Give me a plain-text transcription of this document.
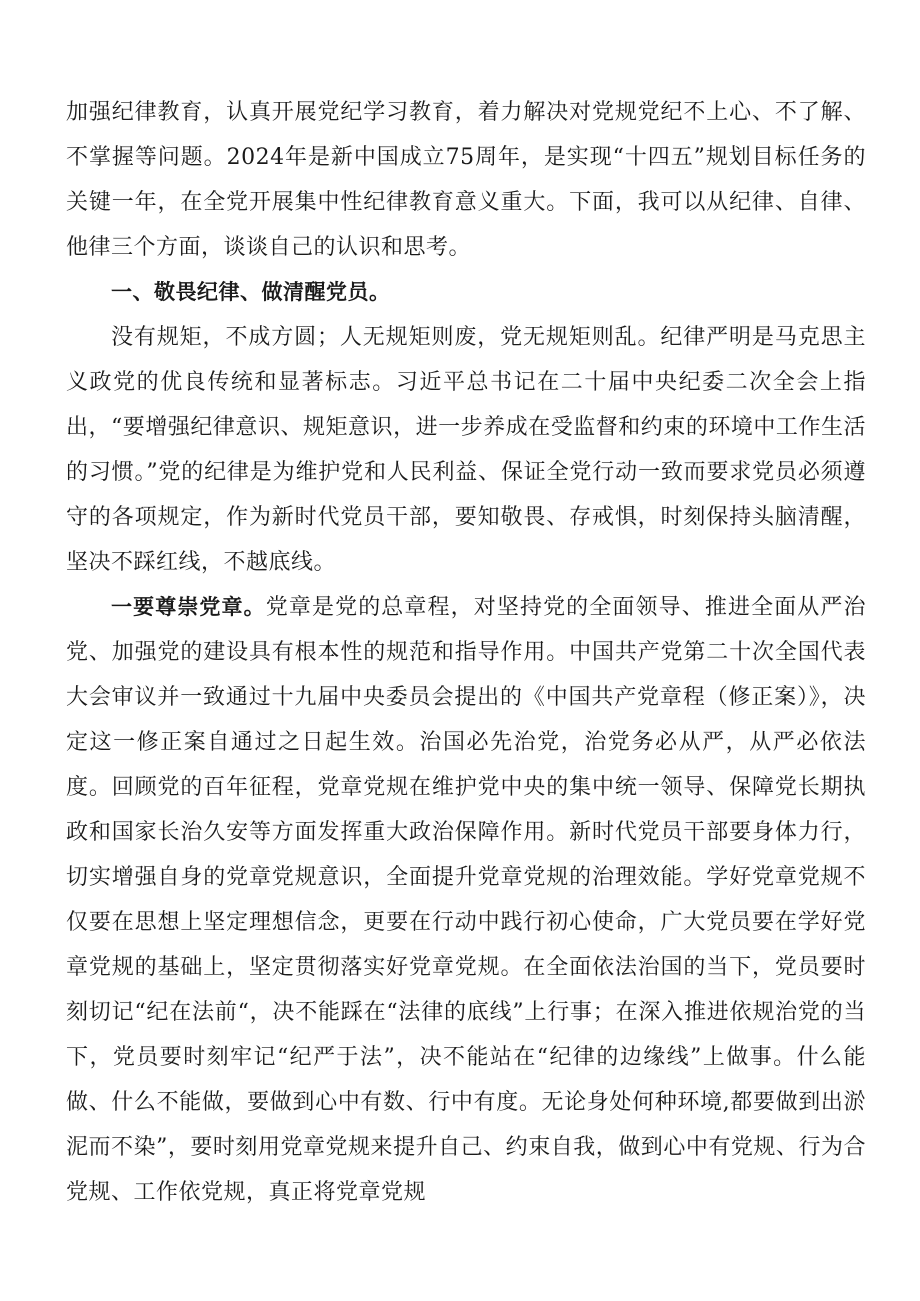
加强纪律教育，认真开展党纪学习教育，着力解决对党规党纪不上心、不了解、不掌握等问题。2024年是新中国成立75周年，是实现“十四五”规划目标任务的关键一年，在全党开展集中性纪律教育意义重大。下面，我可以从纪律、自律、他律三个方面，谈谈自己的认识和思考。

一、敬畏纪律、做清醒党员。

没有规矩，不成方圆；人无规矩则废，党无规矩则乱。纪律严明是马克思主义政党的优良传统和显著标志。习近平总书记在二十届中央纪委二次全会上指出，“要增强纪律意识、规矩意识，进一步养成在受监督和约束的环境中工作生活的习惯。”党的纪律是为维护党和人民利益、保证全党行动一致而要求党员必须遵守的各项规定，作为新时代党员干部，要知敬畏、存戒惧，时刻保持头脑清醒，坚决不踩红线，不越底线。

一要尊崇党章。党章是党的总章程，对坚持党的全面领导、推进全面从严治党、加强党的建设具有根本性的规范和指导作用。中国共产党第二十次全国代表大会审议并一致通过十九届中央委员会提出的《中国共产党章程（修正案）》，决定这一修正案自通过之日起生效。治国必先治党，治党务必从严，从严必依法度。回顾党的百年征程，党章党规在维护党中央的集中统一领导、保障党长期执政和国家长治久安等方面发挥重大政治保障作用。新时代党员干部要身体力行，切实增强自身的党章党规意识，全面提升党章党规的治理效能。学好党章党规不仅要在思想上坚定理想信念，更要在行动中践行初心使命，广大党员要在学好党章党规的基础上，坚定贯彻落实好党章党规。在全面依法治国的当下，党员要时刻切记“纪在法前“，决不能踩在“法律的底线”上行事；在深入推进依规治党的当下，党员要时刻牢记“纪严于法”，决不能站在“纪律的边缘线”上做事。什么能做、什么不能做，要做到心中有数、行中有度。无论身处何种环境,都要做到出淤泥而不染”，要时刻用党章党规来提升自己、约束自我，做到心中有党规、行为合党规、工作依党规，真正将党章党规
